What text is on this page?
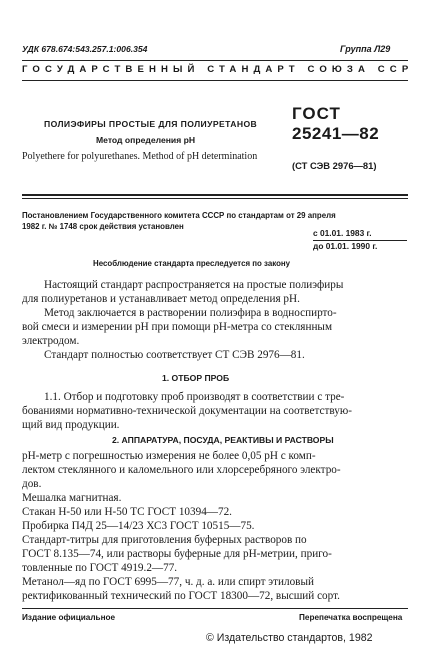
УДК 678.674:543.257.1:006.354	Группа Л29
ГОСУДАРСТВЕННЫЙ СТАНДАРТ СОЮЗА ССР
ПОЛИЭФИРЫ ПРОСТЫЕ ДЛЯ ПОЛИУРЕТАНОВ
Метод определения рН
Polyethere for polyurethanes. Method of pH determination
ГОСТ
25241—82
(СТ СЭВ 2976—81)
Постановлением Государственного комитета СССР по стандартам от 29 апреля
1982 г. № 1748 срок действия установлен
с 01.01. 1983 г.
до 01.01. 1990 г.
Несоблюдение стандарта преследуется по закону
Настоящий стандарт распространяется на простые полиэфиры
для полиуретанов и устанавливает метод определения рН.
Метод заключается в растворении полиэфира в водноспирто-
вой смеси и измерении рН при помощи рН-метра со стеклянным
электродом.
Стандарт полностью соответствует СТ СЭВ 2976—81.
1. ОТБОР ПРОБ
1.1. Отбор и подготовку проб производят в соответствии с тре-
бованиями нормативно-технической документации на соответствую-
щий вид продукции.
2. АППАРАТУРА, ПОСУДА, РЕАКТИВЫ И РАСТВОРЫ
рН-метр с погрешностью измерения не более 0,05 рН с комп-
лектом стеклянного и каломельного или хлорсеребряного электро-
дов.
Мешалка магнитная.
Стакан Н-50 или Н-50 ТС ГОСТ 10394—72.
Пробирка П4Д 25—14/23 ХС3 ГОСТ 10515—75.
Стандарт-титры для приготовления буферных растворов по
ГОСТ 8.135—74, или растворы буферные для рН-метрии, приго-
товленные по ГОСТ 4919.2—77.
Метанол—яд по ГОСТ 6995—77, ч. д. а. или спирт этиловый
ректификованный технический по ГОСТ 18300—72, высший сорт.
Издание официальное	Перепечатка воспрещена
© Издательство стандартов, 1982
